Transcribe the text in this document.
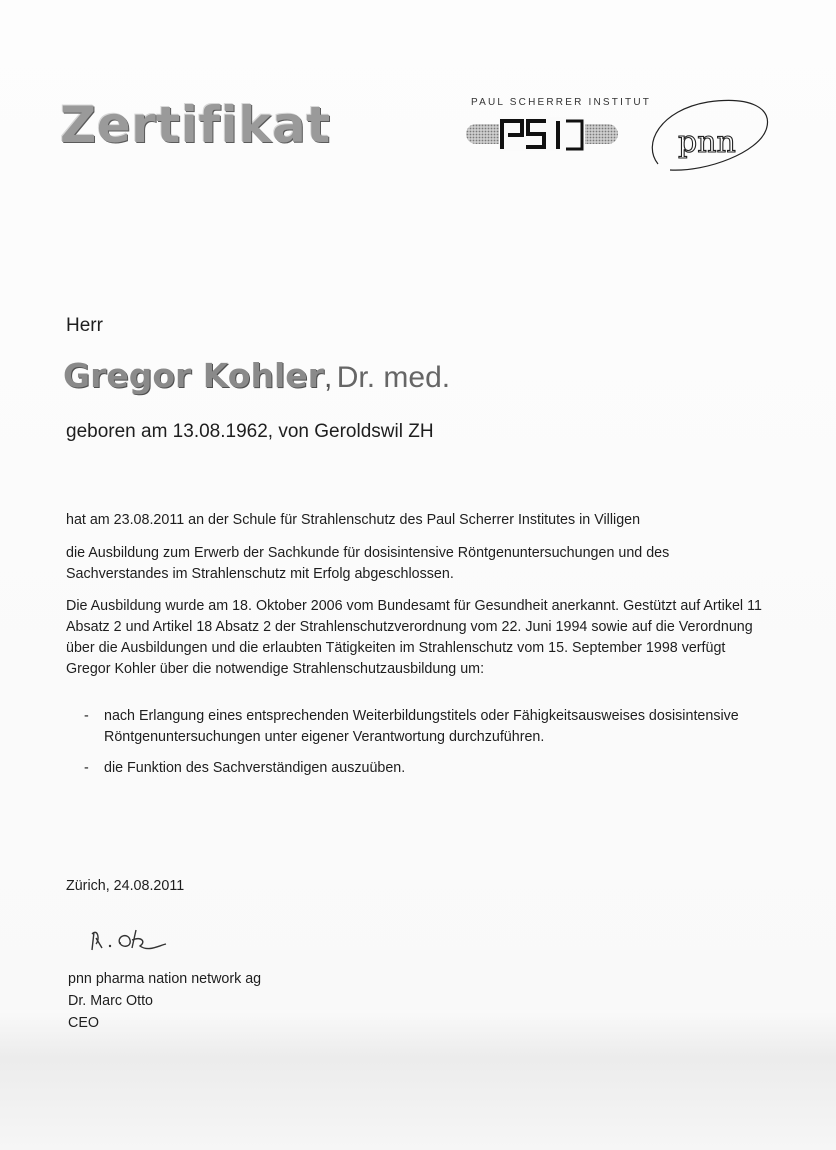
Zertifikat	PAUL SCHERRER INSTITUT
pnn
Herr
Gregor Kohler, Dr. med.
geboren am 13.08.1962, von Geroldswil ZH
hat am 23.08.2011 an der Schule für Strahlenschutz des Paul Scherrer Institutes in Villigen
die Ausbildung zum Erwerb der Sachkunde für dosisintensive Röntgenuntersuchungen und des Sachverstandes im Strahlenschutz mit Erfolg abgeschlossen.
Die Ausbildung wurde am 18. Oktober 2006 vom Bundesamt für Gesundheit anerkannt. Gestützt auf Artikel 11 Absatz 2 und Artikel 18 Absatz 2 der Strahlenschutzverordnung vom 22. Juni 1994 sowie auf die Verordnung über die Ausbildungen und die erlaubten Tätigkeiten im Strahlenschutz vom 15. September 1998 verfügt Gregor Kohler über die notwendige Strahlenschutzausbildung um:
- nach Erlangung eines entsprechenden Weiterbildungstitels oder Fähigkeitsausweises dosisintensive Röntgenuntersuchungen unter eigener Verantwortung durchzuführen.
- die Funktion des Sachverständigen auszuüben.
Zürich, 24.08.2011
pnn pharma nation network ag
Dr. Marc Otto
CEO
